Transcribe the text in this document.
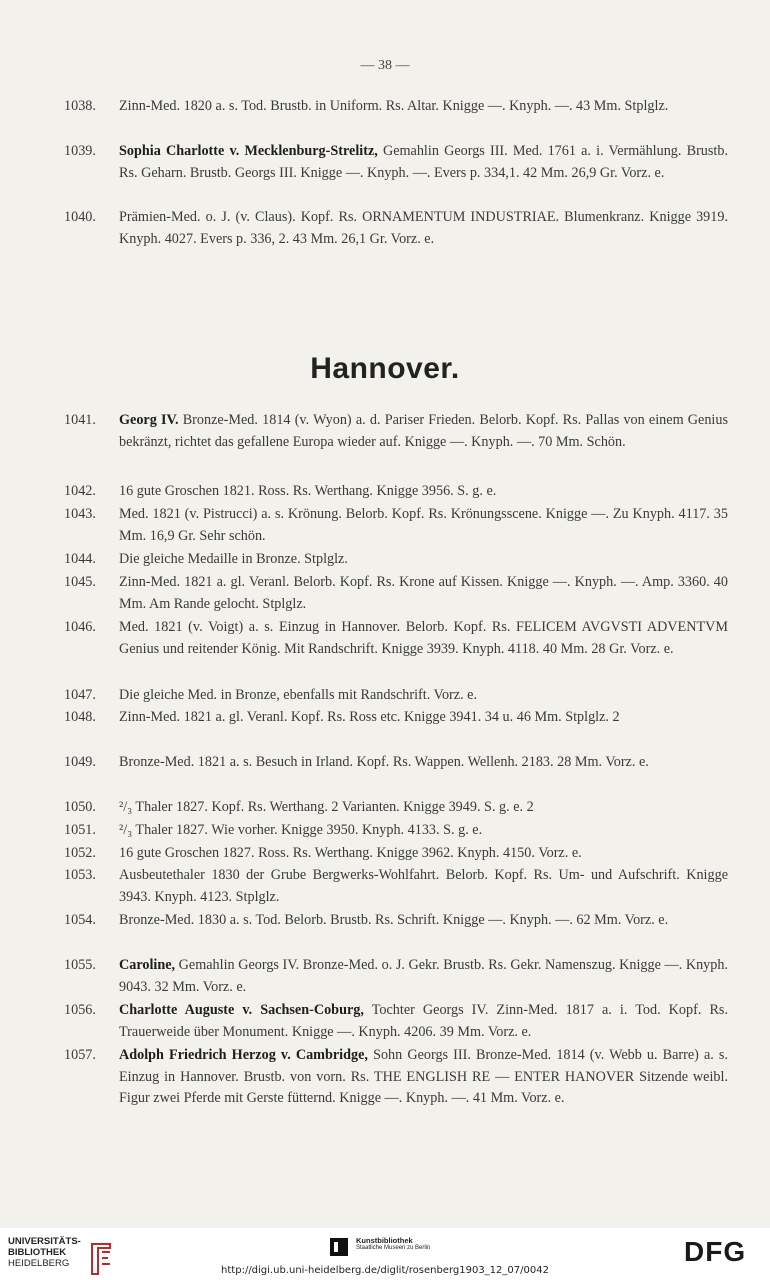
— 38 —
1038.	Zinn-Med. 1820 a. s. Tod. Brustb. in Uniform. Rs. Altar. Knigge —. Knyph. —. 43 Mm. Stplglz.
1039.	Sophia Charlotte v. Mecklenburg-Strelitz, Gemahlin Georgs III. Med. 1761 a. i. Vermählung. Brustb. Rs. Geharn. Brustb. Georgs III. Knigge —. Knyph. —. Evers p. 334,1. 42 Mm. 26,9 Gr. Vorz. e.
1040.	Prämien-Med. o. J. (v. Claus). Kopf. Rs. ORNAMENTUM INDUSTRIAE. Blumenkranz. Knigge 3919. Knyph. 4027. Evers p. 336, 2. 43 Mm. 26,1 Gr. Vorz. e.
Hannover.
1041.	Georg IV. Bronze-Med. 1814 (v. Wyon) a. d. Pariser Frieden. Belorb. Kopf. Rs. Pallas von einem Genius bekränzt, richtet das gefallene Europa wieder auf. Knigge —. Knyph. —. 70 Mm. Schön.
1042.	16 gute Groschen 1821. Ross. Rs. Werthang. Knigge 3956. S. g. e.
1043.	Med. 1821 (v. Pistrucci) a. s. Krönung. Belorb. Kopf. Rs. Krönungsscene. Knigge —. Zu Knyph. 4117. 35 Mm. 16,9 Gr. Sehr schön.
1044.	Die gleiche Medaille in Bronze. Stplglz.
1045.	Zinn-Med. 1821 a. gl. Veranl. Belorb. Kopf. Rs. Krone auf Kissen. Knigge —. Knyph. —. Amp. 3360. 40 Mm. Am Rande gelocht. Stplglz.
1046.	Med. 1821 (v. Voigt) a. s. Einzug in Hannover. Belorb. Kopf. Rs. FELICEM AVGVSTI ADVENTVM Genius und reitender König. Mit Randschrift. Knigge 3939. Knyph. 4118. 40 Mm. 28 Gr. Vorz. e.
1047.	Die gleiche Med. in Bronze, ebenfalls mit Randschrift. Vorz. e.
1048.	Zinn-Med. 1821 a. gl. Veranl. Kopf. Rs. Ross etc. Knigge 3941. 34 u. 46 Mm. Stplglz. 2
1049.	Bronze-Med. 1821 a. s. Besuch in Irland. Kopf. Rs. Wappen. Wellenh. 2183. 28 Mm. Vorz. e.
1050.	²/₃ Thaler 1827. Kopf. Rs. Werthang. 2 Varianten. Knigge 3949. S. g. e. 2
1051.	²/₃ Thaler 1827. Wie vorher. Knigge 3950. Knyph. 4133. S. g. e.
1052.	16 gute Groschen 1827. Ross. Rs. Werthang. Knigge 3962. Knyph. 4150. Vorz. e.
1053.	Ausbeutethaler 1830 der Grube Bergwerks-Wohlfahrt. Belorb. Kopf. Rs. Um- und Aufschrift. Knigge 3943. Knyph. 4123. Stplglz.
1054.	Bronze-Med. 1830 a. s. Tod. Belorb. Brustb. Rs. Schrift. Knigge —. Knyph. —. 62 Mm. Vorz. e.
1055.	Caroline, Gemahlin Georgs IV. Bronze-Med. o. J. Gekr. Brustb. Rs. Gekr. Namenszug. Knigge —. Knyph. 9043. 32 Mm. Vorz. e.
1056.	Charlotte Auguste v. Sachsen-Coburg, Tochter Georgs IV. Zinn-Med. 1817 a. i. Tod. Kopf. Rs. Trauerweide über Monument. Knigge —. Knyph. 4206. 39 Mm. Vorz. e.
1057.	Adolph Friedrich Herzog v. Cambridge, Sohn Georgs III. Bronze-Med. 1814 (v. Webb u. Barre) a. s. Einzug in Hannover. Brustb. von vorn. Rs. THE ENGLISH RE — ENTER HANOVER Sitzende weibl. Figur zwei Pferde mit Gerste fütternd. Knigge —. Knyph. —. 41 Mm. Vorz. e.
UNIVERSITÄTS-
BIBLIOTHEK
HEIDELBERG
Kunstbibliothek
Staatliche Museen zu Berlin	DFG
http://digi.ub.uni-heidelberg.de/diglit/rosenberg1903_12_07/0042
